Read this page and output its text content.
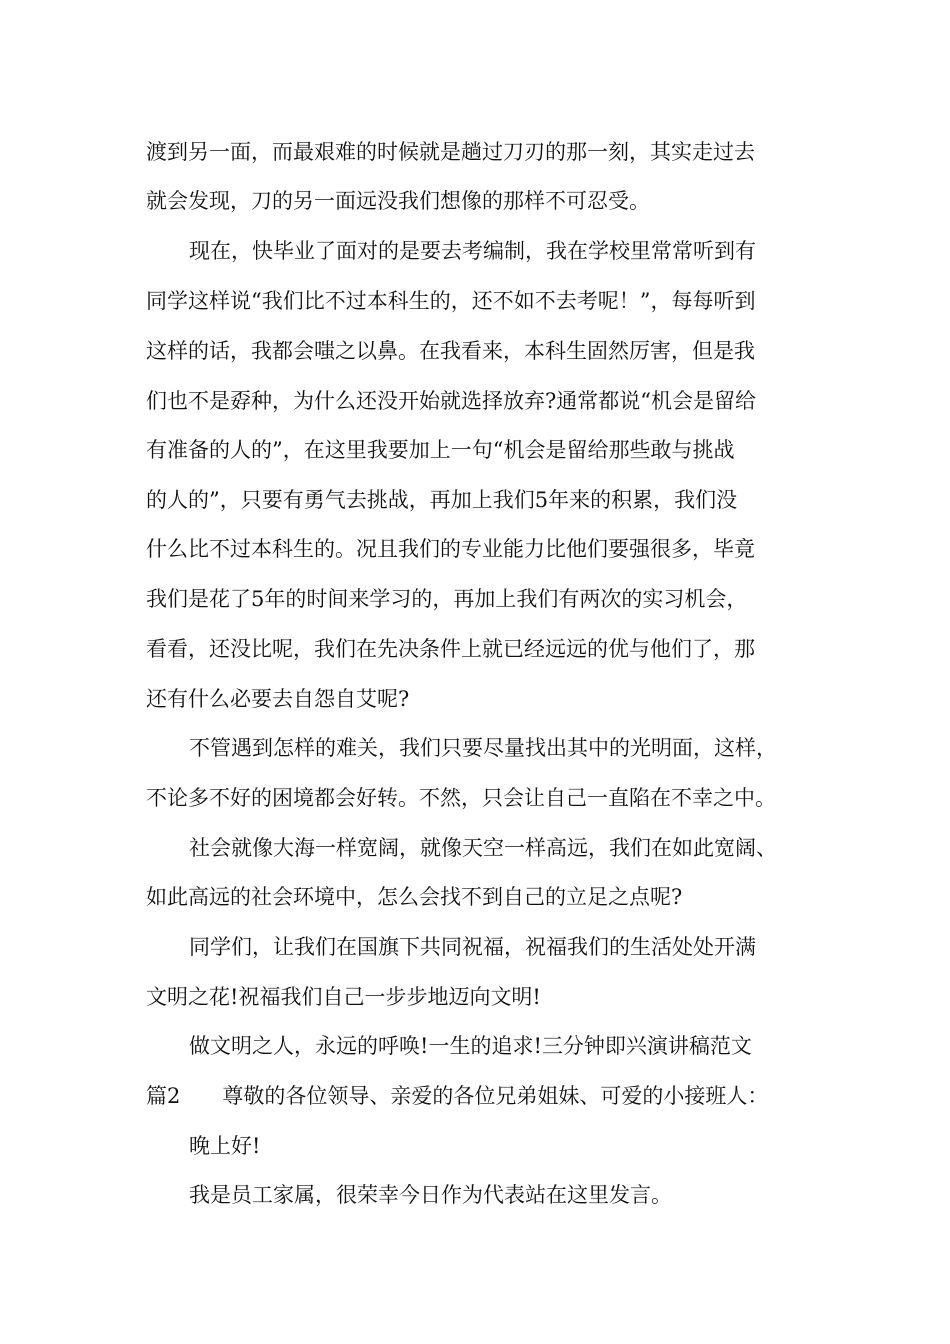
渡到另一面，而最艰难的时候就是趟过刀刃的那一刻，其实走过去
就会发现，刀的另一面远没我们想像的那样不可忍受。
现在，快毕业了面对的是要去考编制，我在学校里常常听到有
同学这样说“我们比不过本科生的，还不如不去考呢！”，每每听到
这样的话，我都会嗤之以鼻。在我看来，本科生固然厉害，但是我
们也不是孬种，为什么还没开始就选择放弃?通常都说“机会是留给
有准备的人的”，在这里我要加上一句“机会是留给那些敢与挑战
的人的”，只要有勇气去挑战，再加上我们5年来的积累，我们没
什么比不过本科生的。况且我们的专业能力比他们要强很多，毕竟
我们是花了5年的时间来学习的，再加上我们有两次的实习机会，
看看，还没比呢，我们在先决条件上就已经远远的优与他们了，那
还有什么必要去自怨自艾呢?
不管遇到怎样的难关，我们只要尽量找出其中的光明面，这样，
不论多不好的困境都会好转。不然，只会让自己一直陷在不幸之中。
社会就像大海一样宽阔，就像天空一样高远，我们在如此宽阔、
如此高远的社会环境中，怎么会找不到自己的立足之点呢?
同学们，让我们在国旗下共同祝福，祝福我们的生活处处开满
文明之花!祝福我们自己一步步地迈向文明!
做文明之人，永远的呼唤!一生的追求!三分钟即兴演讲稿范文
篇2　　尊敬的各位领导、亲爱的各位兄弟姐妹、可爱的小接班人：
晚上好!
我是员工家属，很荣幸今日作为代表站在这里发言。
